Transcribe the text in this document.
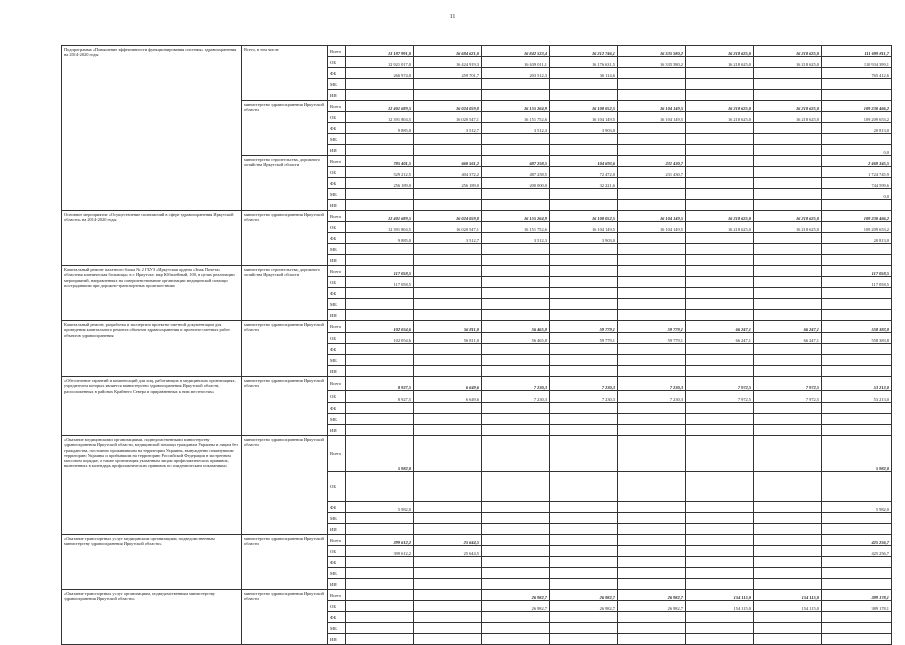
11
Подпрограмма «Повышение эффективности функционирования системы» здравоохранения на 2014-2020 годы	Всего, в том числе	Всего	13 187 991,0	16 684 621,0	16 842 523,4	16 212 746,1	16 335 580,2	16 218 625,0	16 218 625,0	111 699 811,7
		ОБ	12 921 017,0	16 424 919,3	16 639 011,1	16 176 631,5	16 335 580,2	16 218 625,0	16 218 625,0	110 934 399,1
		ФБ	266 974,0	259 701,7	203 512,3	36 114,6				765 412,6
		МБ								
		ИИ								
	министерство здравоохранения Иркутской области	Всего	12 401 689,5	16 024 059,8	16 155 264,9	16 108 052,5	16 104 149,5	16 218 625,0	16 218 625,0	109 230 466,2
		ОБ	12 391 804,5	16 020 547,1	16 151 752,6	16 104 149,5	16 104 149,5	16 218 625,0	16 218 625,0	109 209 653,2
		ФБ	9 885,0	3 512,7	3 512,3	3 903,0				20 813,0
		МБ								
		ИИ								0,0
	министерство строительства, дорожного хозяйства Иркутской области	Всего	785 401,5	660 561,2	687 258,5	104 693,6	231 430,7			2 469 345,5
		ОБ	529 212,5	404 372,2	487 258,5	72 472,0	231 430,7			1 724 745,9
		ФБ	256 189,0	256 189,0	200 000,0	32 221,6				744 599,6
		МБ								0,0
		ИИ								
Основное мероприятие «Осуществление полномочий в сфере здравоохранения Иркутской области» на 2014-2020 годы	министерство здравоохранения Иркутской области	Всего	12 401 689,5	16 024 059,8	16 155 264,9	16 108 052,5	16 104 149,5	16 218 625,0	16 218 625,0	109 230 466,2
		ОБ	12 391 804,5	16 020 547,1	16 151 752,6	16 104 149,5	16 104 149,5	16 218 625,0	16 218 625,0	109 209 653,2
		ФБ	9 885,0	3 512,7	3 512,3	3 903,0				20 813,0
		МБ								
		ИИ								
Капитальный ремонт палатного блока № 2 ГБУЗ «Иркутская ордена «Знак Почета» областная клиническая больница» в г. Иркутске, мкр Юбилейный, 100, в целях реализации мероприятий, направленных на совершенствование организации медицинской помощи пострадавшим при дорожно-транспортных происшествиях	министерство строительства, дорожного хозяйства Иркутской области	Всего	117 058,5							117 058,5
		ОБ	117 058,5							117 058,5
		ФБ								
		МБ								
		ИИ								
Капитальный ремонт, разработка и экспертиза проектно-сметной документации для проведения капитального ремонта объектов здравоохранения и проектно-сметных работ объектов здравоохранения	министерство здравоохранения Иркутской области	Всего	102 054,6	56 811,0	56 465,8	59 779,1	59 779,1	66 247,1	66 247,1	558 383,8
		ОБ	102 054,6	56 811,0	56 465,8	59 779,1	59 779,1	66 247,1	66 247,1	558 383,8
		ФБ								
		МБ								
		ИИ								
«Обеспечение гарантий и компенсаций для лиц, работающих в медицинских организациях, учредителем которых является министерство здравоохранения Иркутской области, расположенных в районах Крайнего Севера и приравненных к ним местностях»	министерство здравоохранения Иркутской области	Всего	8 927,5	6 649,6	7 230,3	7 230,3	7 230,3	7 972,5	7 972,5	53 213,0
		ОБ	8 927,5	6 649,6	7 230,3	7 230,3	7 230,3	7 972,5	7 972,5	53 213,0
		ФБ								
		МБ								
		ИИ								
«Оказание медицинскими организациями, подведомственными министерству здравоохранения Иркутской области, медицинской помощи гражданам Украины и лицам без гражданства, постоянно проживавшим на территории Украины, вынужденно покинувшим территорию Украины и прибывшим на территорию Российской Федерации в экстренном массовом порядке, а также организация указанным лицам профилактических прививок, включенных в календарь профилактических прививок по эпидемическим показаниям»	министерство здравоохранения Иркутской области	Всего	5 982,0							5 982,0
		ОБ								
		ФБ	5 982,0							5 982,0
		МБ								
		ИИ								
«Оказание транспортных услуг медицинским организациям, подведомственным министерству здравоохранения Иркутской области»	министерство здравоохранения Иркутской области	Всего	399 612,2	25 644,5						425 256,7
		ОБ	399 612,2	25 644,5						425 256,7
		ФБ								
		МБ								
		ИИ								
«Оказание транспортных услуг организациям, подведомственным министерству здравоохранения Иркутской области»	министерство здравоохранения Иркутской области	Всего			26 982,7	26 982,7	26 982,7	154 115,0	154 115,0	389 178,1
		ОБ			26 982,7	26 982,7	26 982,7	154 115,0	154 115,0	389 178,1
		ФБ								
		МБ								
		ИИ								
